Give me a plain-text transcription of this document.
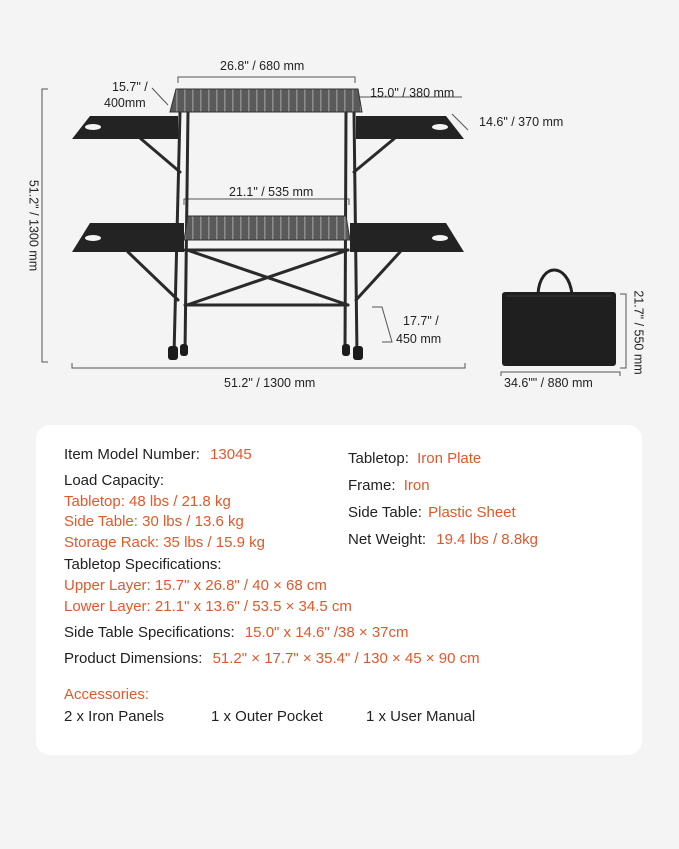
26.8" / 680 mm
15.7" /
400mm
15.0" / 380 mm
14.6" / 370 mm
21.1" / 535 mm
17.7" /
450 mm
51.2" / 1300 mm	34.6"" / 880 mm
51.2" / 1300 mm
21.7" / 550 mm
Item Model Number: 13045
Load Capacity:
Tabletop: 48 lbs / 21.8 kg
Side Table: 30 lbs / 13.6 kg
Storage Rack: 35 lbs / 15.9 kg
Tabletop Specifications:
Upper Layer: 15.7" x 26.8" / 40 × 68 cm
Lower Layer: 21.1" x 13.6" / 53.5 × 34.5 cm
Side Table Specifications: 15.0" x 14.6" /38 × 37cm
Product Dimensions: 51.2" × 17.7" × 35.4" / 130 × 45 × 90 cm
Tabletop: Iron Plate
Frame: Iron
Side Table: Plastic Sheet
Net Weight: 19.4 lbs / 8.8kg
Accessories:
2 x Iron Panels	1 x Outer Pocket	1 x User Manual
